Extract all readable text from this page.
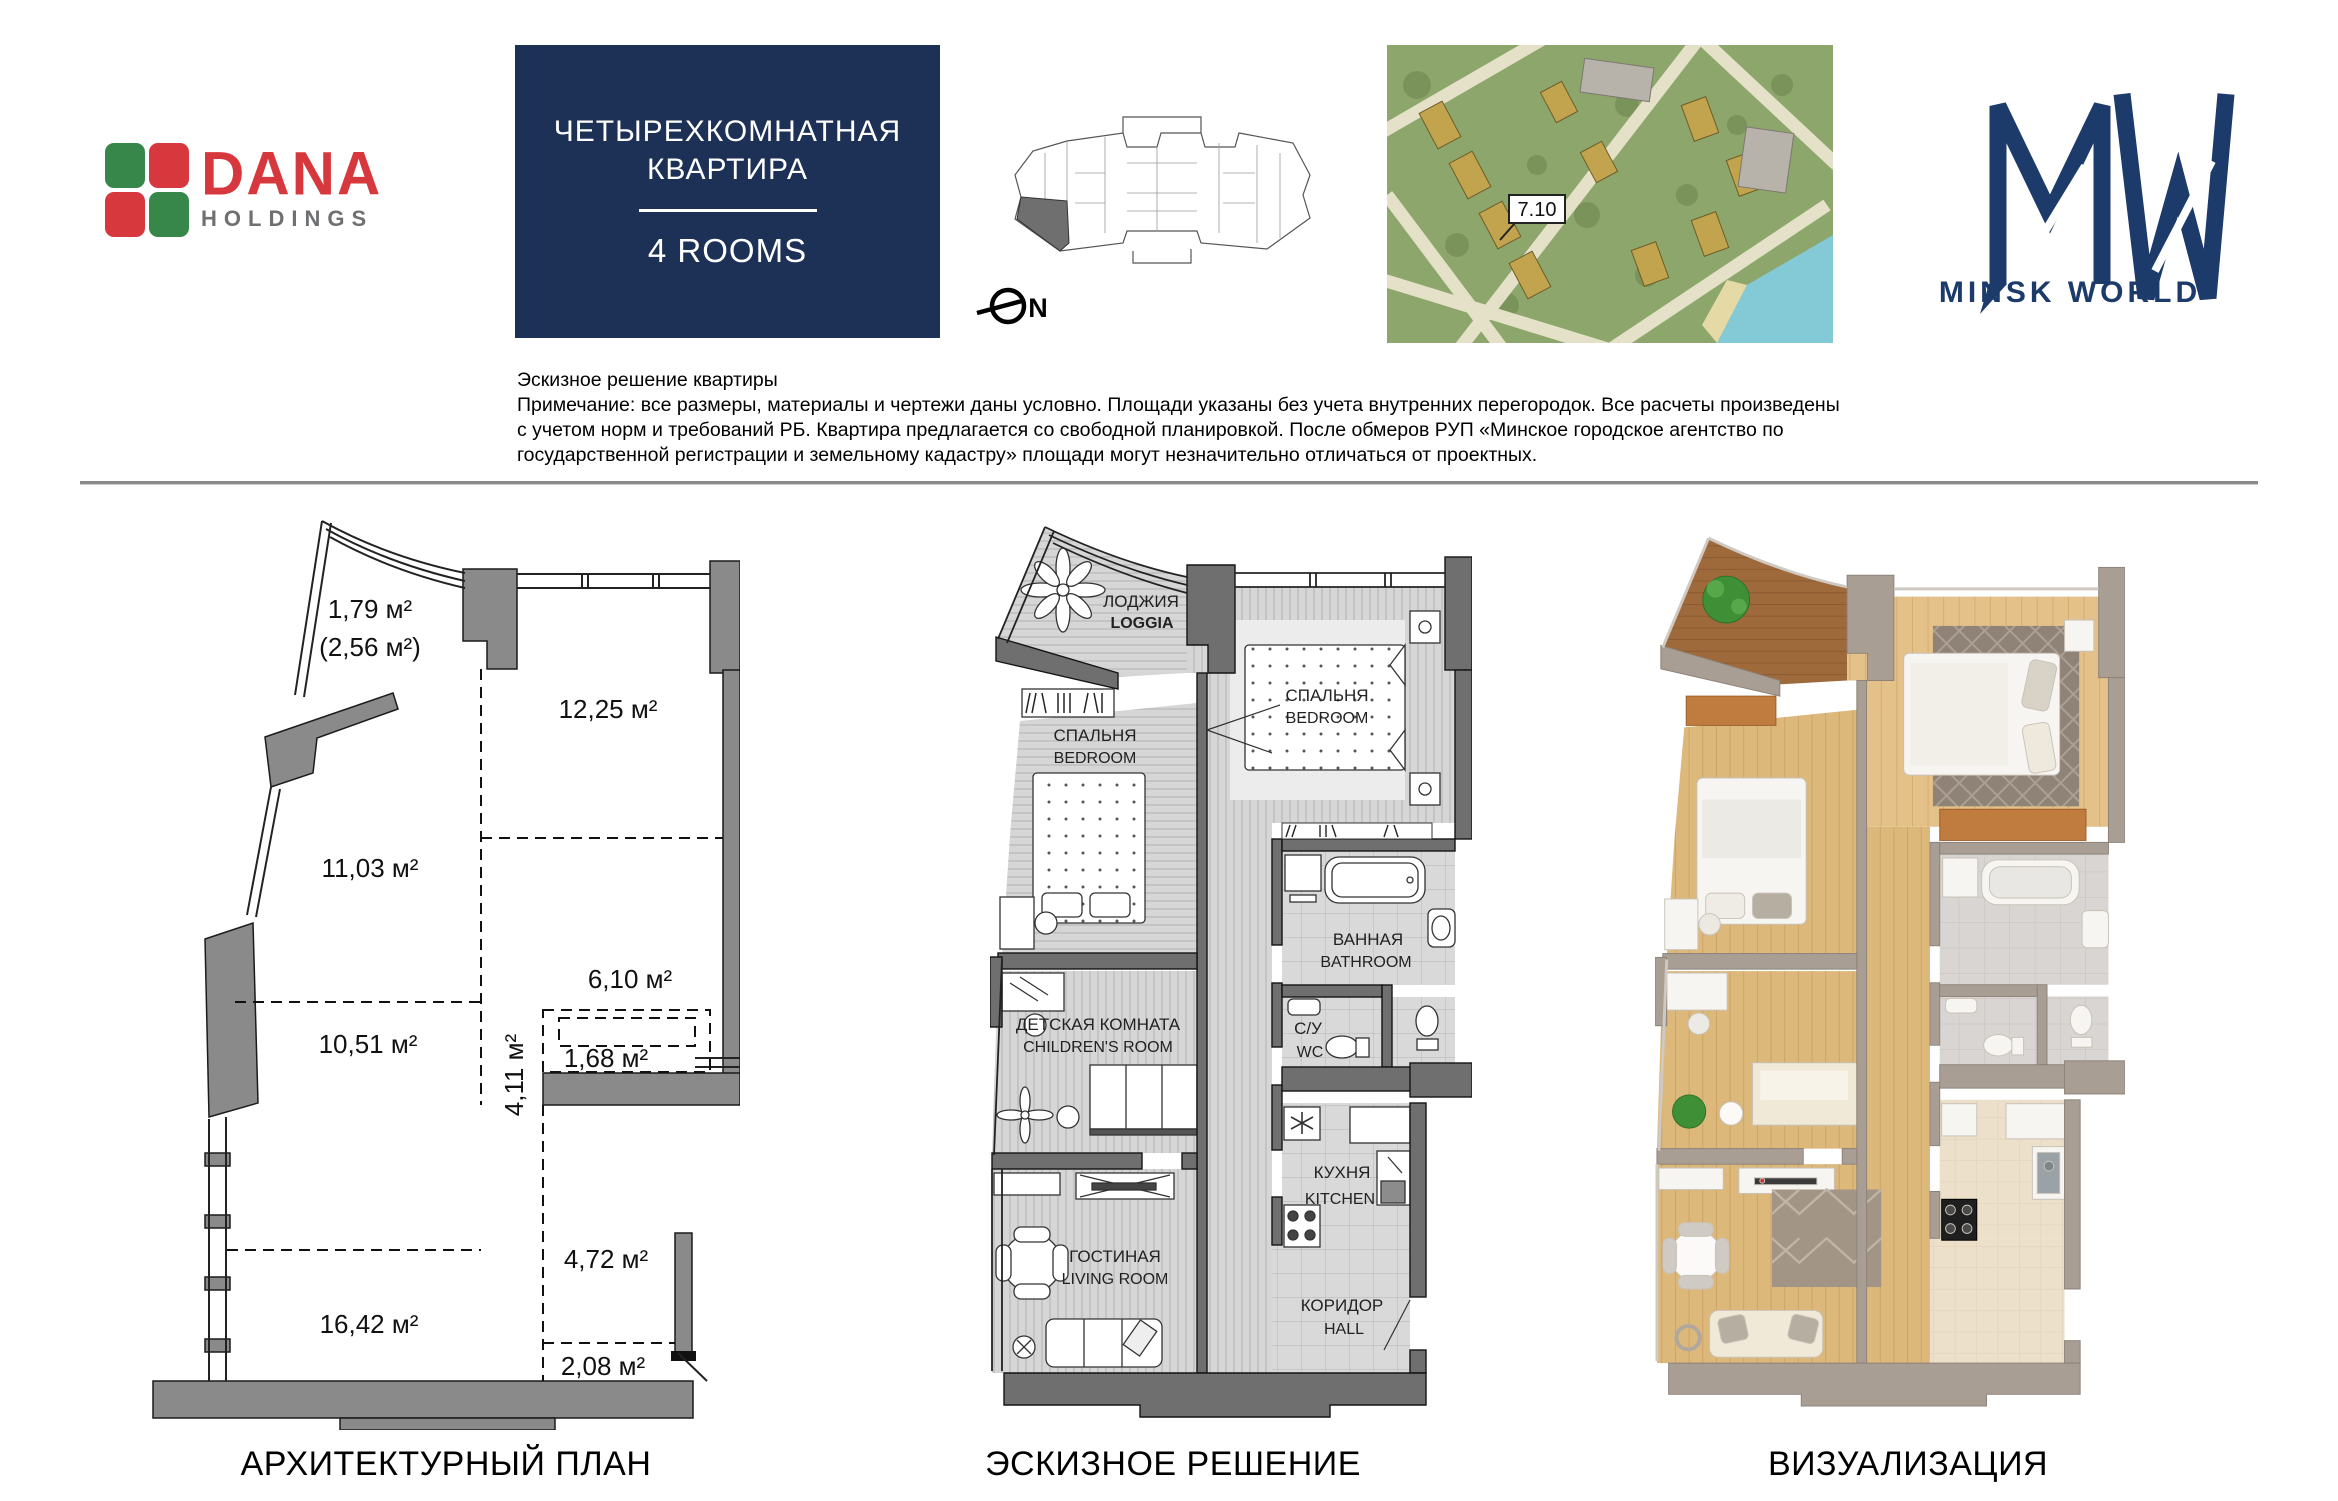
DANA
HOLDINGS
ЧЕТЫРЕХКОМНАТНАЯ
КВАРТИРА
4 ROOMS
N
7.10
MINSK WORLD
Эскизное решение квартиры
Примечание: все размеры, материалы и чертежи даны условно. Площади указаны без учета внутренних перегородок. Все расчеты произведены
с учетом норм и требований РБ. Квартира предлагается со свободной планировкой. После обмеров РУП «Минское городское агентство по
государственной регистрации и земельному кадастру» площади могут незначительно отличаться от проектных.
1,79 м²
(2,56 м²)
12,25 м²
11,03 м²
6,10 м²
4,11 м² 1,68 м²
10,51 м²
4,72 м²
16,42 м²
2,08 м²
АРХИТЕКТУРНЫЙ ПЛАН
ЛОДЖИЯ
LOGGIA
СПАЛЬНЯ
BEDROOM
СПАЛЬНЯ
BEDROOM
ВАННАЯ
BATHROOM
С/У
WC
ДЕТСКАЯ КОМНАТА
CHILDREN'S ROOM
КУХНЯ
KITCHEN
ГОСТИНАЯ
LIVING ROOM
КОРИДОР
HALL
ЭСКИЗНОЕ РЕШЕНИЕ	ВИЗУАЛИЗАЦИЯ
